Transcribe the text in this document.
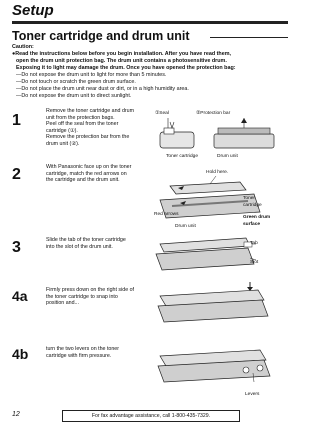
Setup
Toner cartridge and drum unit
Caution:
●Read the instructions below before you begin installation. After you have read them,
open the drum unit protection bag. The drum unit contains a photosensitive drum.
Exposing it to light may damage the drum. Once you have opened the protection bag:
—Do not expose the drum unit to light for more than 5 minutes.
—Do not touch or scratch the green drum surface.
—Do not place the drum unit near dust or dirt, or in a high humidity area.
—Do not expose the drum unit to direct sunlight.
1
Remove the toner cartridge and drum
unit from the protection bags.
Peel off the seal from the toner
cartridge (①).
Remove the protection bar from the
drum unit (②).
①Seal	②Protection bar
Toner cartridge	Drum unit
2	With Panasonic face up on the toner
cartridge, match the red arrows on
the cartridge and the drum unit.
Hold here.
Toner
cartridge
Red arrows
Green drum
surface
Drum unit
3	Slide the tab of the toner cartridge
into the slot of the drum unit.
Tab
Slot
4a	Firmly press down on the right side of
the toner cartridge to snap into
position and...
4b	turn the two levers on the toner
cartridge with firm pressure.
Levers
12	For fax advantage assistance, call 1-800-435-7329.
